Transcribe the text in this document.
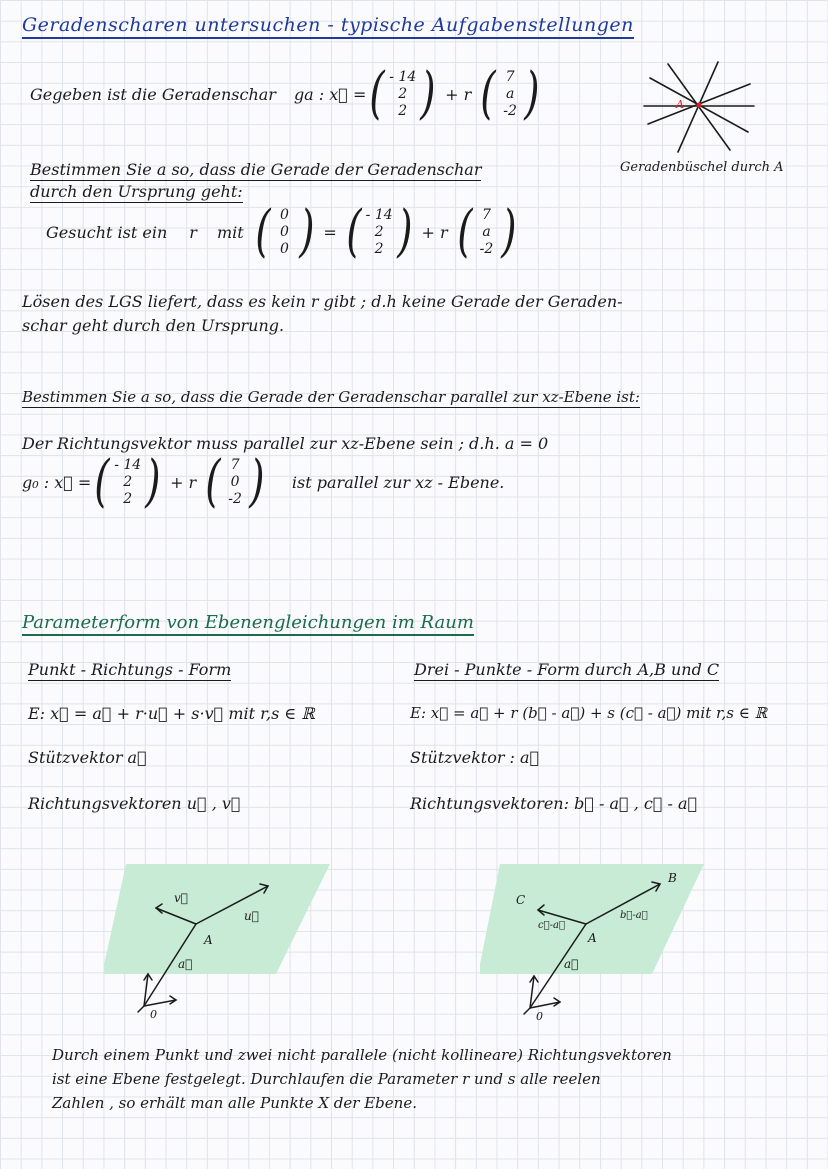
Geradenscharen untersuchen - typische Aufgabenstellungen
Gegeben ist die Geradenschar ga : x⃗ = ( - 14
2
2 ) + r ( 7
a
-2 )	A
Geradenbüschel durch A
Bestimmen Sie a so, dass die Gerade der Geradenschar
durch den Ursprung geht:
Gesucht ist ein r mit ( 0
0
0 ) = ( - 14
2
2 ) + r ( 7
a
-2 )
Lösen des LGS liefert, dass es kein r gibt ; d.h keine Gerade der Geraden-
schar geht durch den Ursprung.
Bestimmen Sie a so, dass die Gerade der Geradenschar parallel zur xz-Ebene ist:
Der Richtungsvektor muss parallel zur xz-Ebene sein ; d.h. a = 0
g₀ : x⃗ = ( - 14
2
2 ) + r ( 7
0
-2 ) ist parallel zur xz - Ebene.
Parameterform von Ebenengleichungen im Raum
Punkt - Richtungs - Form
E: x⃗ = a⃗ + r·u⃗ + s·v⃗ mit r,s ∈ ℝ
Stützvektor a⃗
Richtungsvektoren u⃗ , v⃗
Drei - Punkte - Form durch A,B und C
E: x⃗ = a⃗ + r (b⃗ - a⃗) + s (c⃗ - a⃗) mit r,s ∈ ℝ
Stützvektor : a⃗
Richtungsvektoren: b⃗ - a⃗ , c⃗ - a⃗
v⃗
u⃗
A
a⃗
0
B
C
c⃗-a⃗
b⃗-a⃗
A
a⃗
0
Durch einem Punkt und zwei nicht parallele (nicht kollineare) Richtungsvektoren
ist eine Ebene festgelegt. Durchlaufen die Parameter r und s alle reelen
Zahlen , so erhält man alle Punkte X der Ebene.
